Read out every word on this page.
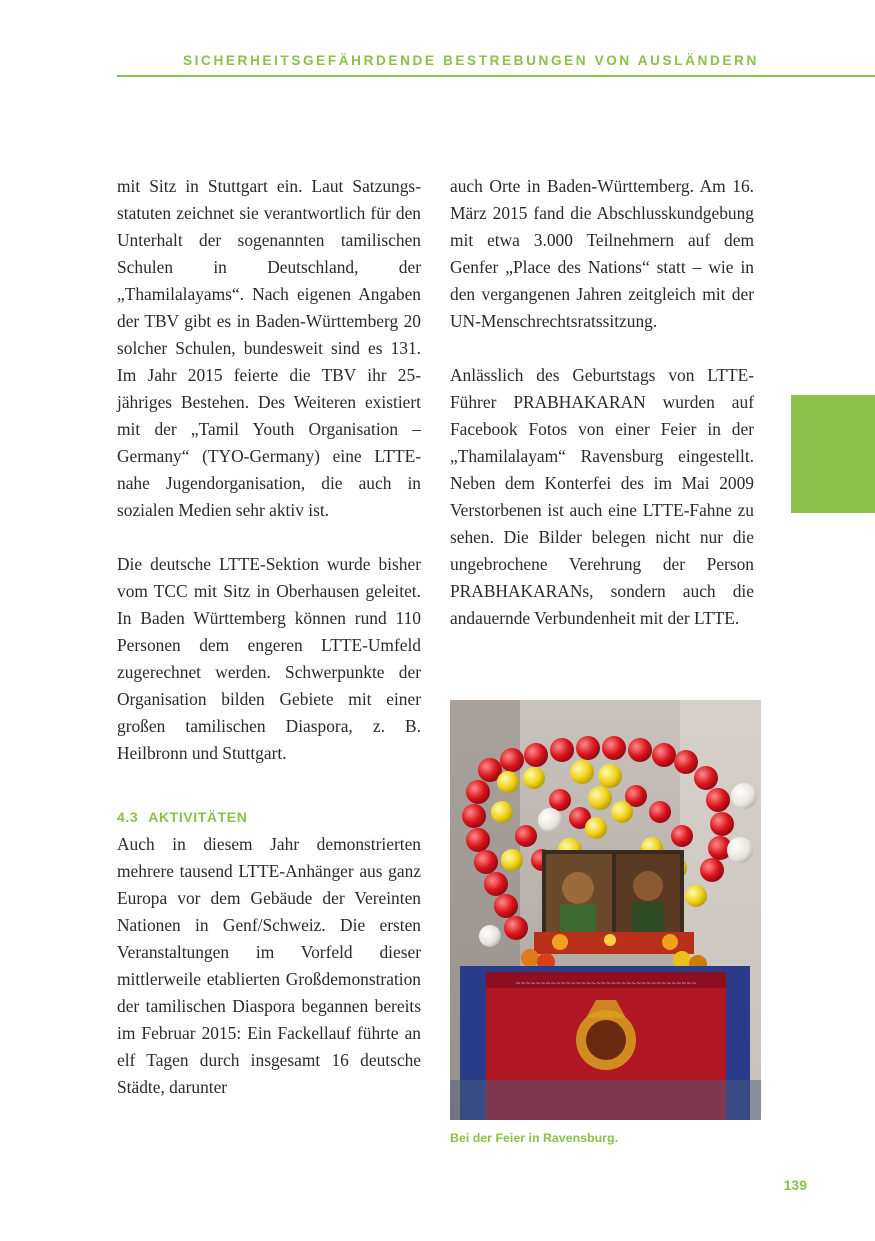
SICHERHEITSGEFÄHRDENDE BESTREBUNGEN VON AUSLÄNDERN

mit Sitz in Stuttgart ein. Laut Satzungsstatuten zeichnet sie verantwortlich für den Unterhalt der sogenannten tamilischen Schulen in Deutschland, der „Thamilalayams“. Nach eigenen Angaben der TBV gibt es in Baden-Württemberg 20 solcher Schulen, bundesweit sind es 131. Im Jahr 2015 feierte die TBV ihr 25-jähriges Bestehen. Des Weiteren existiert mit der „Tamil Youth Organisation – Germany“ (TYO-Germany) eine LTTE-nahe Jugendorganisation, die auch in sozialen Medien sehr aktiv ist.

Die deutsche LTTE-Sektion wurde bisher vom TCC mit Sitz in Oberhausen geleitet. In Baden Württemberg können rund 110 Personen dem engeren LTTE-Umfeld zugerechnet werden. Schwerpunkte der Organisation bilden Gebiete mit einer großen tamilischen Diaspora, z. B. Heilbronn und Stuttgart.

4.3 AKTIVITÄTEN

Auch in diesem Jahr demonstrierten mehrere tausend LTTE-Anhänger aus ganz Europa vor dem Gebäude der Vereinten Nationen in Genf/Schweiz. Die ersten Veranstaltungen im Vorfeld dieser mittlerweile etablierten Großdemonstration der tamilischen Diaspora begannen bereits im Februar 2015: Ein Fackellauf führte an elf Tagen durch insgesamt 16 deutsche Städte, darunter

auch Orte in Baden-Württemberg. Am 16. März 2015 fand die Abschlusskundgebung mit etwa 3.000 Teilnehmern auf dem Genfer „Place des Nations“ statt – wie in den vergangenen Jahren zeitgleich mit der UN-Menschrechtsratssitzung.

Anlässlich des Geburtstags von LTTE-Führer PRABHAKARAN wurden auf Facebook Fotos von einer Feier in der „Thamilalayam“ Ravensburg eingestellt. Neben dem Konterfei des im Mai 2009 Verstorbenen ist auch eine LTTE-Fahne zu sehen. Die Bilder belegen nicht nur die ungebrochene Verehrung der Person PRABHAKARANs, sondern auch die andauernde Verbundenheit mit der LTTE.

~~~~~~~~~~~~~~~~~~~~~~~~~~~~~~~~~~~~
Bei der Feier in Ravensburg.
139
